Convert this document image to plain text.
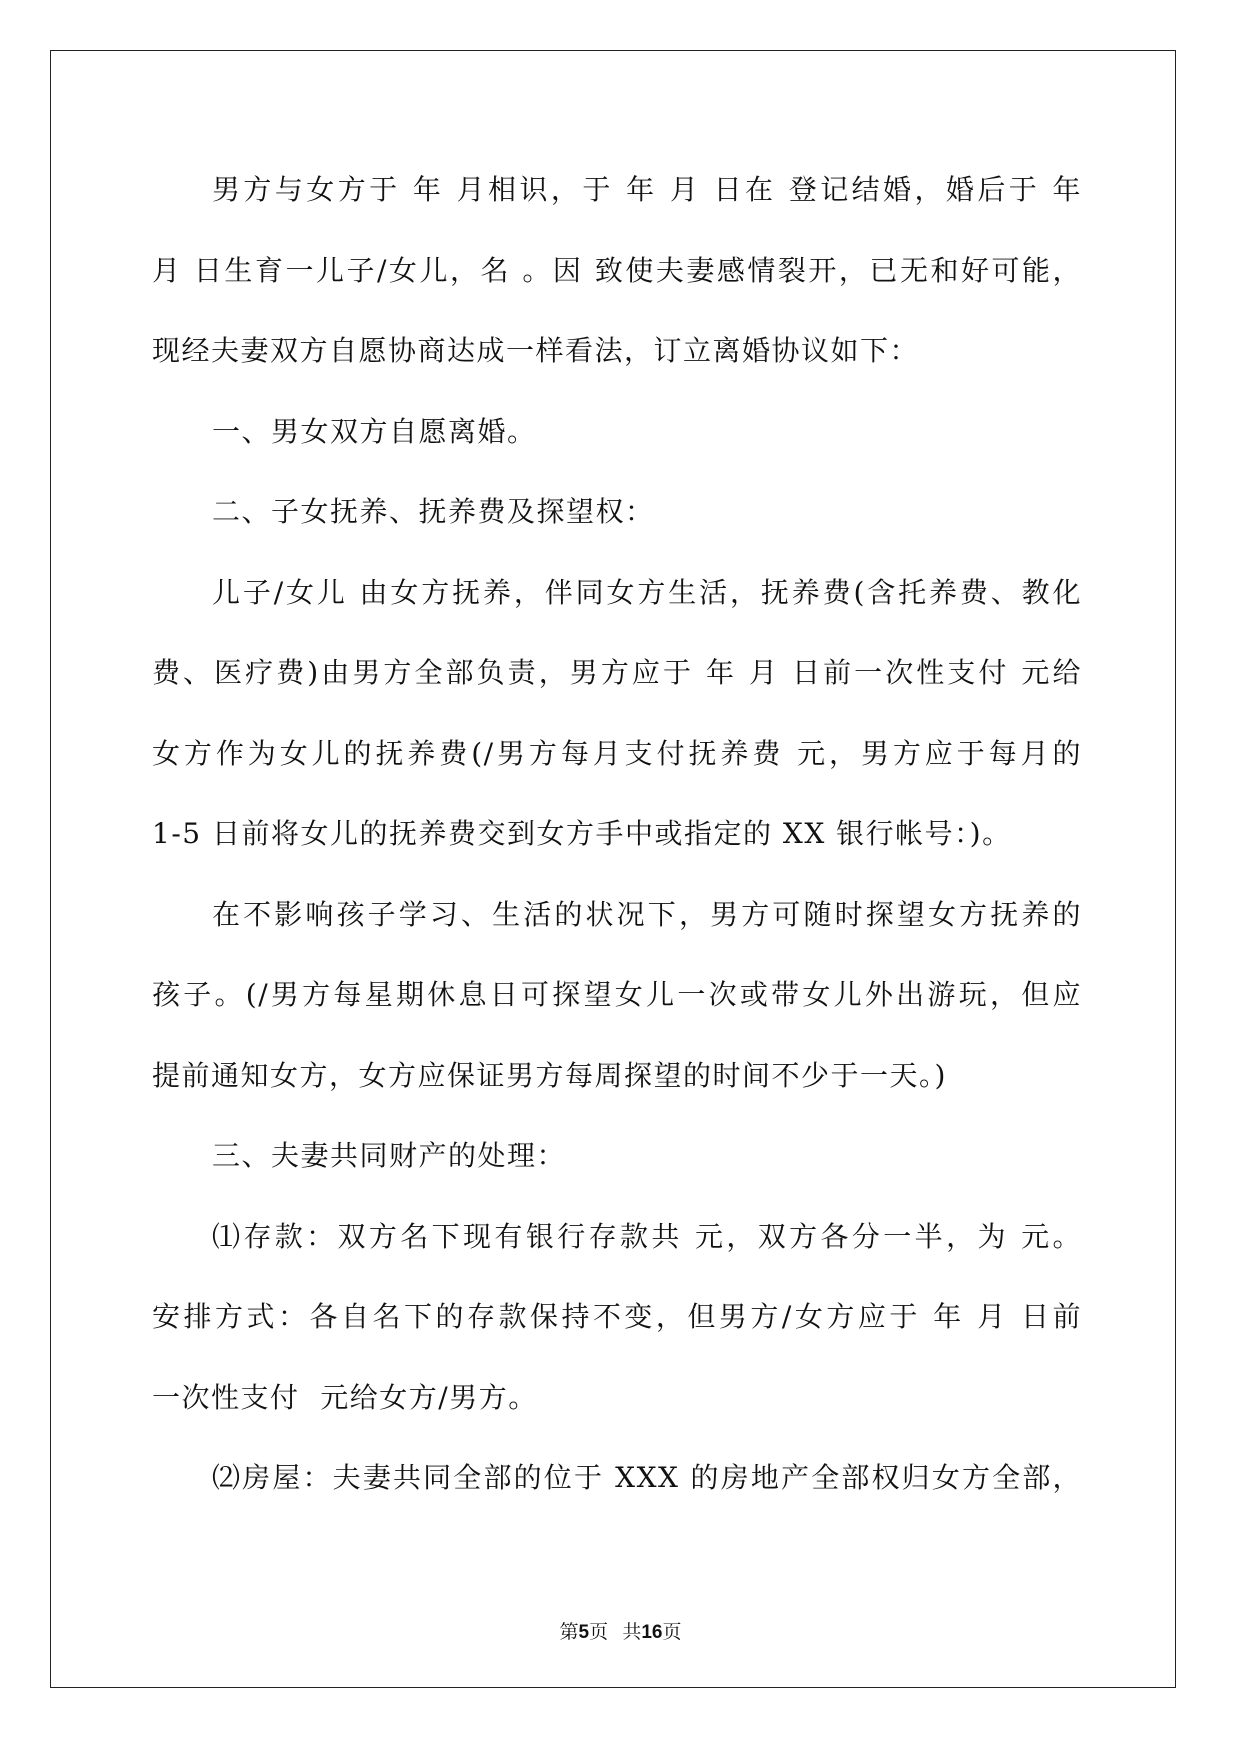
男方与女方于 年 月相识，于 年 月 日在 登记结婚，婚后于 年
月 日生育一儿子/女儿，名 。因 致使夫妻感情裂开，已无和好可能，
现经夫妻双方自愿协商达成一样看法，订立离婚协议如下：
一、男女双方自愿离婚。
二、子女抚养、抚养费及探望权：
儿子/女儿 由女方抚养，伴同女方生活，抚养费(含托养费、教化
费、医疗费)由男方全部负责，男方应于 年 月 日前一次性支付 元给
女方作为女儿的抚养费(/男方每月支付抚养费 元，男方应于每月的
1-5 日前将女儿的抚养费交到女方手中或指定的 XX 银行帐号：)。
在不影响孩子学习、生活的状况下，男方可随时探望女方抚养的
孩子。(/男方每星期休息日可探望女儿一次或带女儿外出游玩，但应
提前通知女方，女方应保证男方每周探望的时间不少于一天。)
三、夫妻共同财产的处理：
⑴存款：双方名下现有银行存款共 元，双方各分一半，为 元。
安排方式：各自名下的存款保持不变，但男方/女方应于 年 月 日前
一次性支付  元给女方/男方。
⑵房屋：夫妻共同全部的位于 XXX 的房地产全部权归女方全部，
第5页   共16页
